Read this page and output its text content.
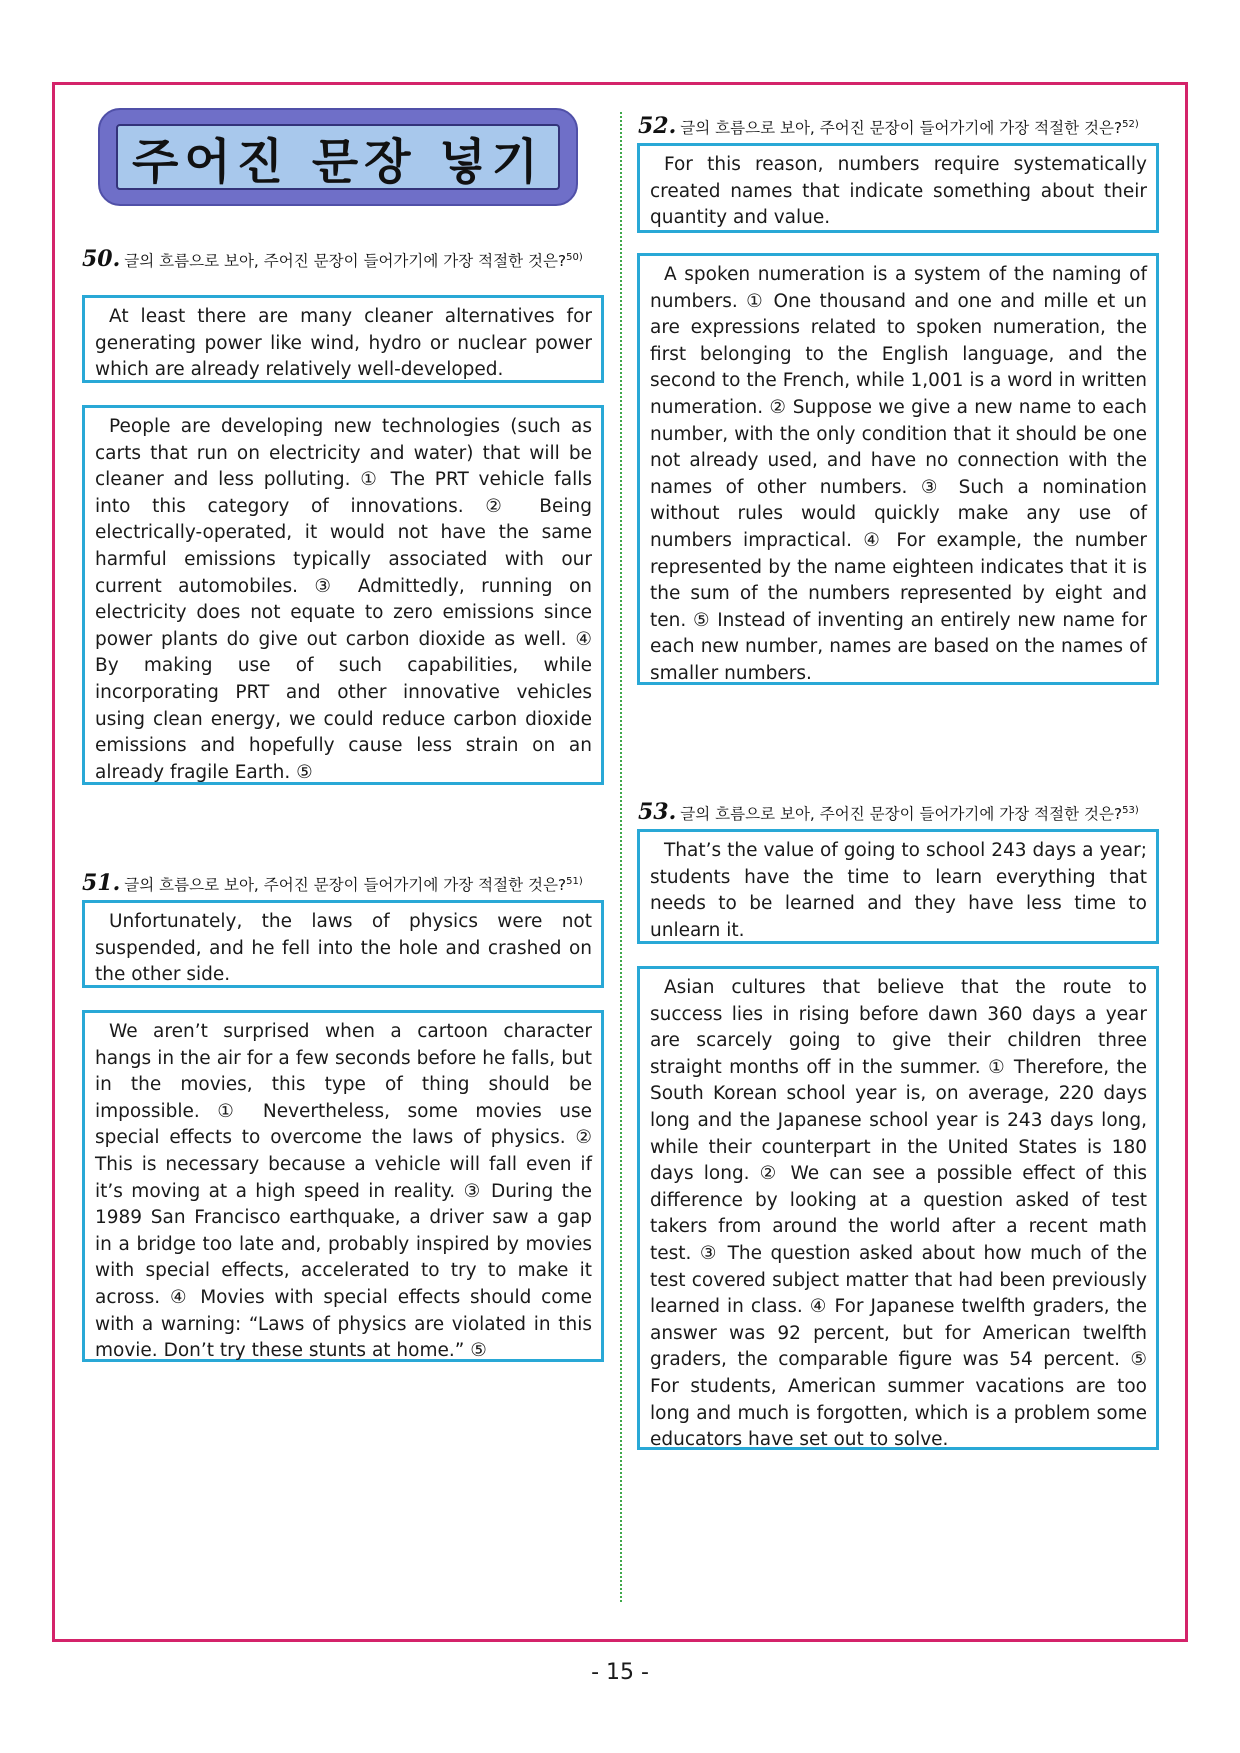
주어진 문장 넣기
50. 글의 흐름으로 보아, 주어진 문장이 들어가기에 가장 적절한 것은?$^{50)}$
At least there are many cleaner alternatives for generating power like wind, hydro or nuclear power which are already relatively well-developed.
People are developing new technologies (such as carts that run on electricity and water) that will be cleaner and less polluting. ① The PRT vehicle falls into this category of innovations. ② Being electrically-operated, it would not have the same harmful emissions typically associated with our current automobiles. ③ Admittedly, running on electricity does not equate to zero emissions since power plants do give out carbon dioxide as well. ④ By making use of such capabilities, while incorporating PRT and other innovative vehicles using clean energy, we could reduce carbon dioxide emissions and hopefully cause less strain on an already fragile Earth. ⑤
51. 글의 흐름으로 보아, 주어진 문장이 들어가기에 가장 적절한 것은?$^{51)}$
Unfortunately, the laws of physics were not suspended, and he fell into the hole and crashed on the other side.
We aren’t surprised when a cartoon character hangs in the air for a few seconds before he falls, but in the movies, this type of thing should be impossible. ① Nevertheless, some movies use special effects to overcome the laws of physics. ② This is necessary because a vehicle will fall even if it’s moving at a high speed in reality. ③ During the 1989 San Francisco earthquake, a driver saw a gap in a bridge too late and, probably inspired by movies with special effects, accelerated to try to make it across. ④ Movies with special effects should come with a warning: “Laws of physics are violated in this movie. Don’t try these stunts at home.” ⑤
52. 글의 흐름으로 보아, 주어진 문장이 들어가기에 가장 적절한 것은?$^{52)}$
For this reason, numbers require systematically created names that indicate something about their quantity and value.
A spoken numeration is a system of the naming of numbers. ① One thousand and one and mille et un are expressions related to spoken numeration, the first belonging to the English language, and the second to the French, while 1,001 is a word in written numeration. ② Suppose we give a new name to each number, with the only condition that it should be one not already used, and have no connection with the names of other numbers. ③ Such a nomination without rules would quickly make any use of numbers impractical. ④ For example, the number represented by the name eighteen indicates that it is the sum of the numbers represented by eight and ten. ⑤ Instead of inventing an entirely new name for each new number, names are based on the names of smaller numbers.
53. 글의 흐름으로 보아, 주어진 문장이 들어가기에 가장 적절한 것은?$^{53)}$
That’s the value of going to school 243 days a year; students have the time to learn everything that needs to be learned and they have less time to unlearn it.
Asian cultures that believe that the route to success lies in rising before dawn 360 days a year are scarcely going to give their children three straight months off in the summer. ① Therefore, the South Korean school year is, on average, 220 days long and the Japanese school year is 243 days long, while their counterpart in the United States is 180 days long. ② We can see a possible effect of this difference by looking at a question asked of test takers from around the world after a recent math test. ③ The question asked about how much of the test covered subject matter that had been previously learned in class. ④ For Japanese twelfth graders, the answer was 92 percent, but for American twelfth graders, the comparable figure was 54 percent. ⑤ For students, American summer vacations are too long and much is forgotten, which is a problem some educators have set out to solve.
- 15 -
